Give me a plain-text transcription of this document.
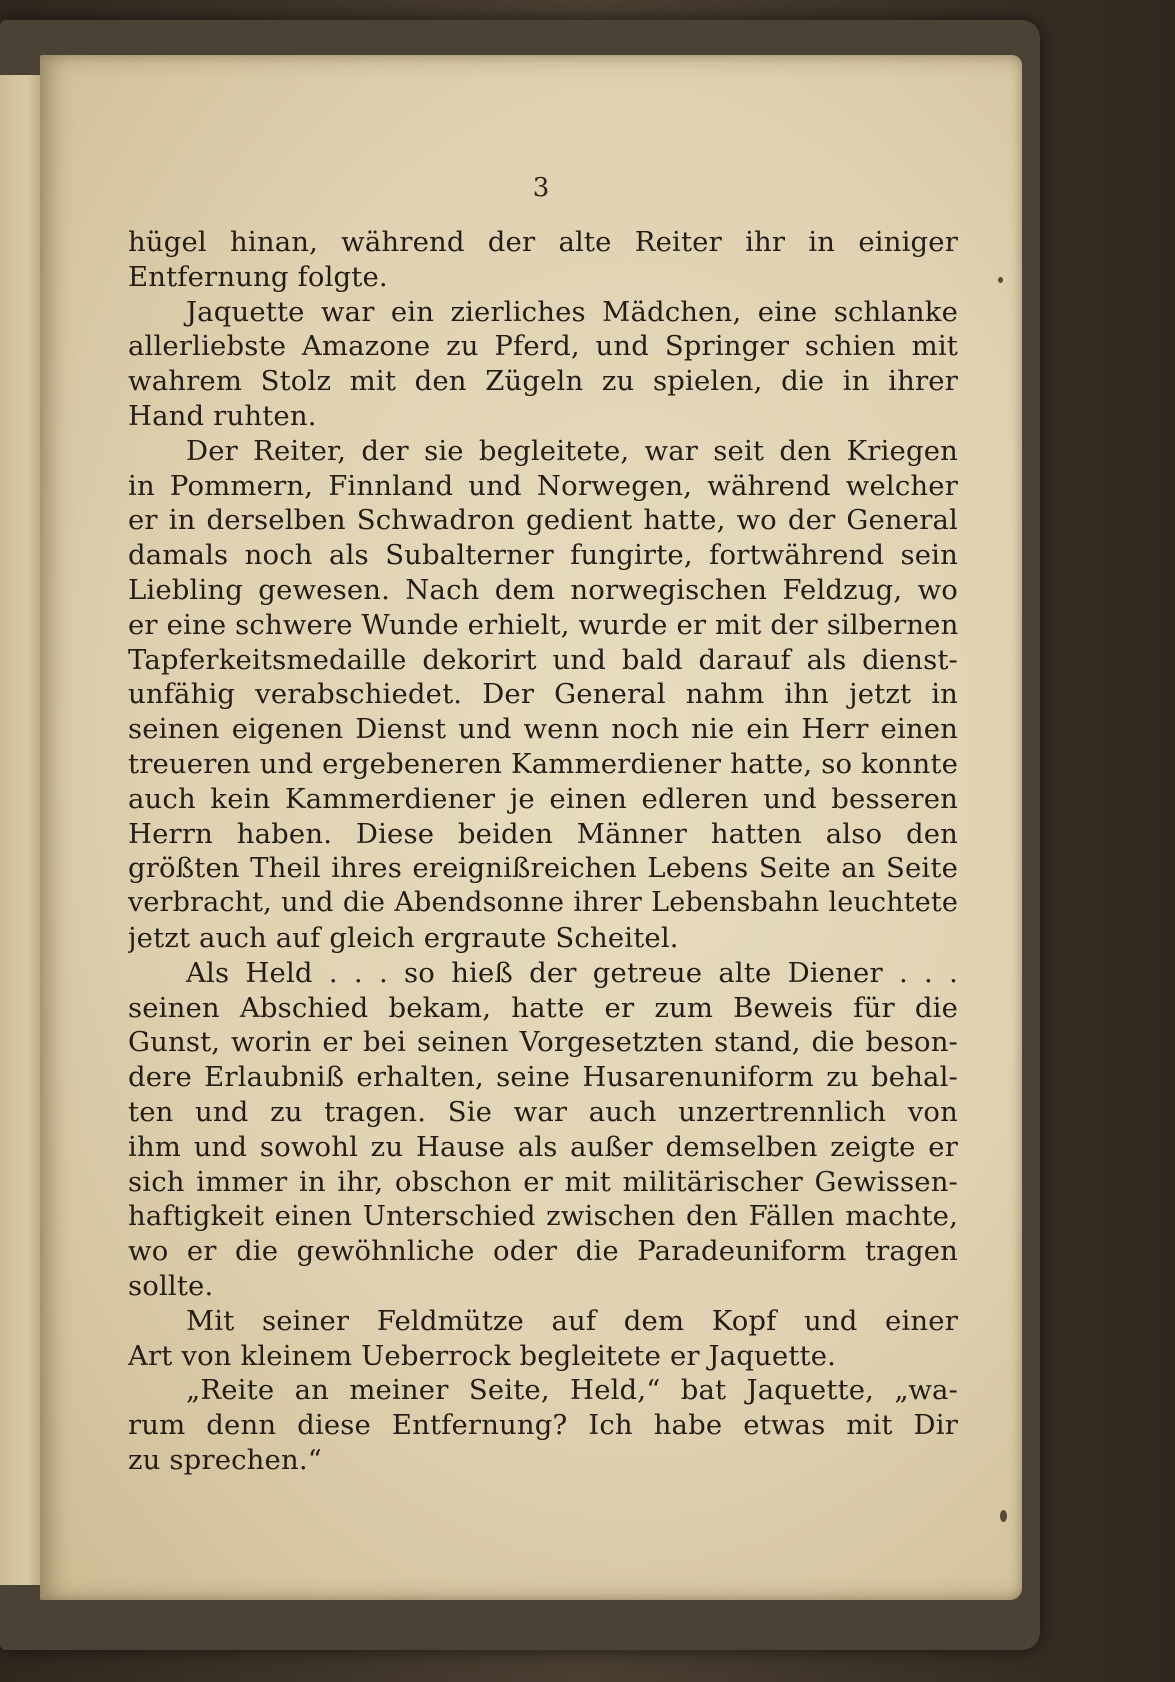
3
hügel hinan, während der alte Reiter ihr in einiger
Entfernung folgte.
Jaquette war ein zierliches Mädchen, eine schlanke
allerliebste Amazone zu Pferd, und Springer schien mit
wahrem Stolz mit den Zügeln zu spielen, die in ihrer
Hand ruhten.
Der Reiter, der sie begleitete, war seit den Kriegen
in Pommern, Finnland und Norwegen, während welcher
er in derselben Schwadron gedient hatte, wo der General
damals noch als Subalterner fungirte, fortwährend sein
Liebling gewesen. Nach dem norwegischen Feldzug, wo
er eine schwere Wunde erhielt, wurde er mit der silbernen
Tapferkeitsmedaille dekorirt und bald darauf als dienst-
unfähig verabschiedet. Der General nahm ihn jetzt in
seinen eigenen Dienst und wenn noch nie ein Herr einen
treueren und ergebeneren Kammerdiener hatte, so konnte
auch kein Kammerdiener je einen edleren und besseren
Herrn haben. Diese beiden Männer hatten also den
größten Theil ihres ereignißreichen Lebens Seite an Seite
verbracht, und die Abendsonne ihrer Lebensbahn leuchtete
jetzt auch auf gleich ergraute Scheitel.
Als Held . . . so hieß der getreue alte Diener . . .
seinen Abschied bekam, hatte er zum Beweis für die
Gunst, worin er bei seinen Vorgesetzten stand, die beson-
dere Erlaubniß erhalten, seine Husarenuniform zu behal-
ten und zu tragen. Sie war auch unzertrennlich von
ihm und sowohl zu Hause als außer demselben zeigte er
sich immer in ihr, obschon er mit militärischer Gewissen-
haftigkeit einen Unterschied zwischen den Fällen machte,
wo er die gewöhnliche oder die Paradeuniform tragen
sollte.
Mit seiner Feldmütze auf dem Kopf und einer
Art von kleinem Ueberrock begleitete er Jaquette.
„Reite an meiner Seite, Held,“ bat Jaquette, „wa-
rum denn diese Entfernung? Ich habe etwas mit Dir
zu sprechen.“
